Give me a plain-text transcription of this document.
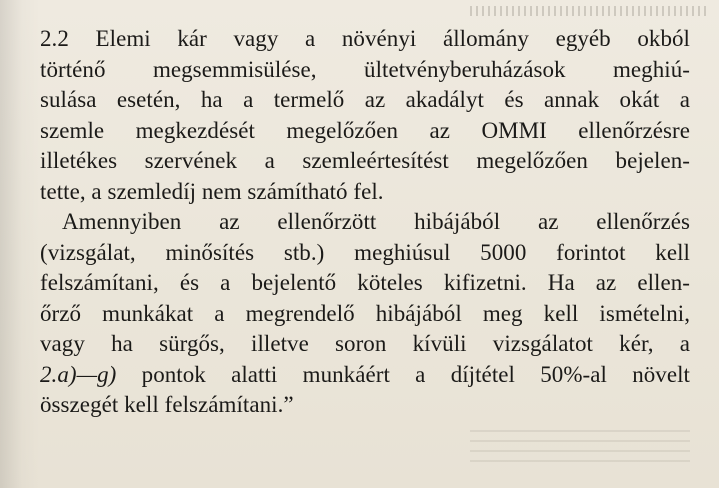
2.2 Elemi kár vagy a növényi állomány egyéb okból
történő megsemmisülése, ültetvényberuházások meghiú-
sulása esetén, ha a termelő az akadályt és annak okát a
szemle megkezdését megelőzően az OMMI ellenőrzésre
illetékes szervének a szemleértesítést megelőzően bejelen-
tette, a szemledíj nem számítható fel.
Amennyiben az ellenőrzött hibájából az ellenőrzés
(vizsgálat, minősítés stb.) meghiúsul 5000 forintot kell
felszámítani, és a bejelentő köteles kifizetni. Ha az ellen-
őrző munkákat a megrendelő hibájából meg kell ismételni,
vagy ha sürgős, illetve soron kívüli vizsgálatot kér, a
2.a)—g) pontok alatti munkáért a díjtétel 50%-al növelt
összegét kell felszámítani.”
